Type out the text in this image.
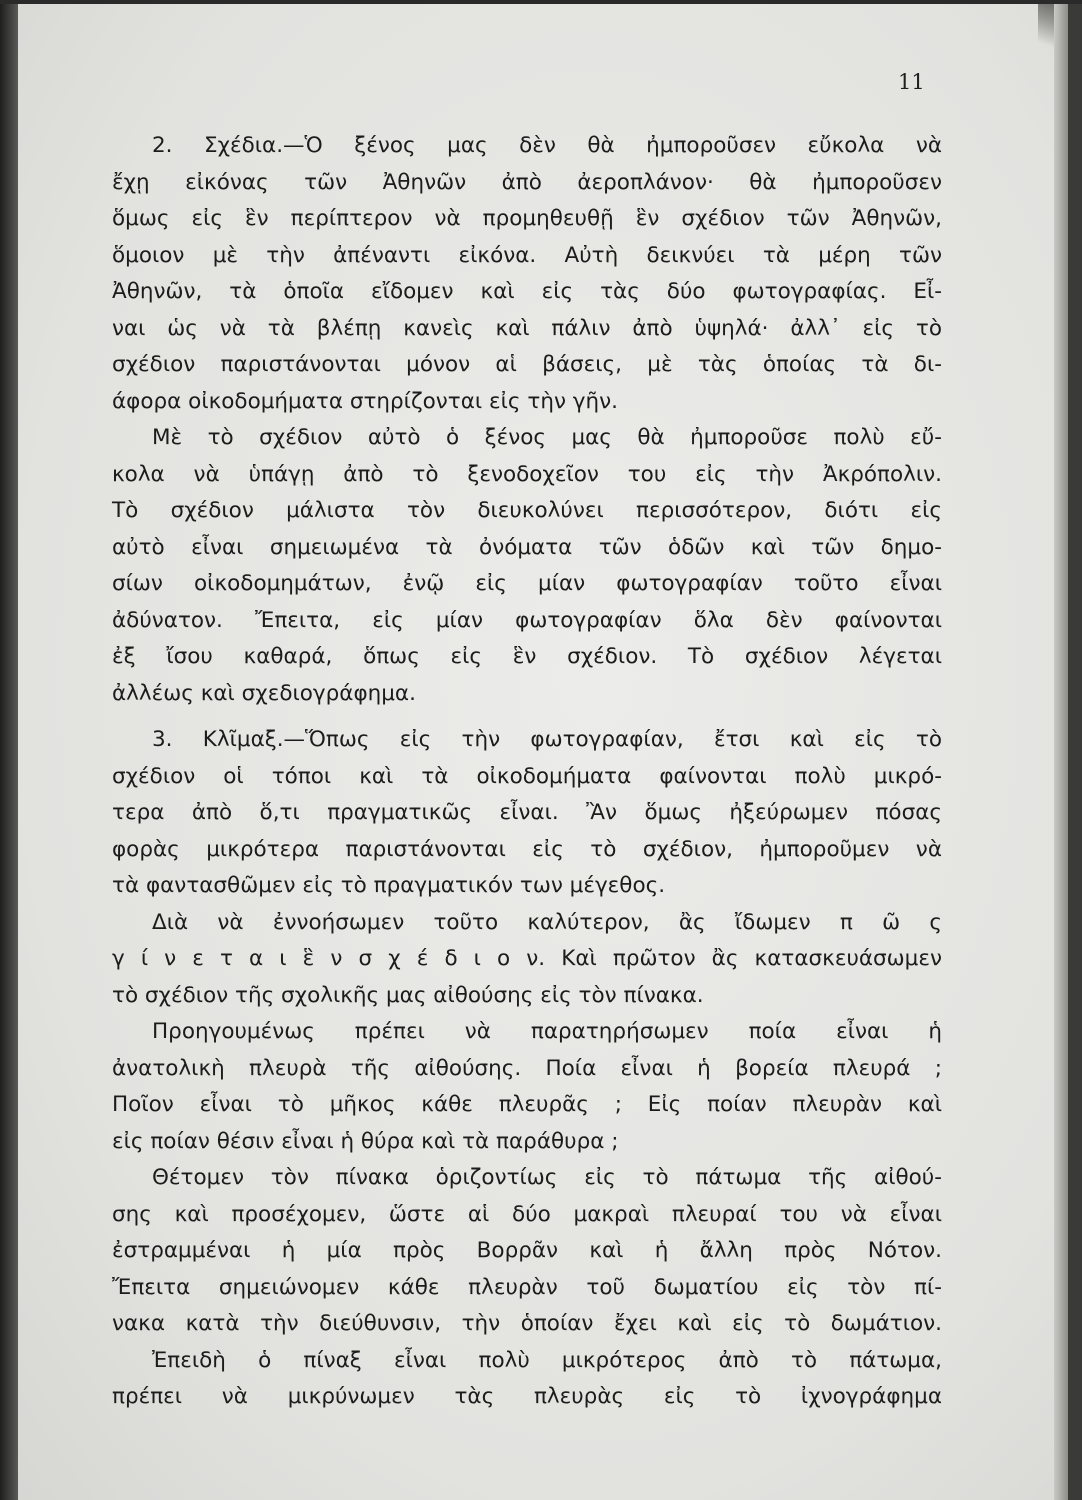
11
2. Σχέδια.—Ὁ ξένος μας δὲν θὰ ἠμποροῦσεν εὔκολα νὰ
ἔχῃ εἰκόνας τῶν Ἀθηνῶν ἀπὸ ἀεροπλάνον· θὰ ἠμποροῦσεν
ὅμως εἰς ἓν περίπτερον νὰ προμηθευθῇ ἓν σχέδιον τῶν Ἀθηνῶν,
ὅμοιον μὲ τὴν ἀπέναντι εἰκόνα. Αὐτὴ δεικνύει τὰ μέρη τῶν
Ἀθηνῶν, τὰ ὁποῖα εἴδομεν καὶ εἰς τὰς δύο φωτογραφίας. Εἶ-
ναι ὡς νὰ τὰ βλέπῃ κανεὶς καὶ πάλιν ἀπὸ ὑψηλά· ἀλλ᾽ εἰς τὸ
σχέδιον παριστάνονται μόνον αἱ βάσεις, μὲ τὰς ὁποίας τὰ δι-
άφορα οἰκοδομήματα στηρίζονται εἰς τὴν γῆν.
Μὲ τὸ σχέδιον αὐτὸ ὁ ξένος μας θὰ ἠμποροῦσε πολὺ εὔ-
κολα νὰ ὑπάγῃ ἀπὸ τὸ ξενοδοχεῖον του εἰς τὴν Ἀκρόπολιν.
Τὸ σχέδιον μάλιστα τὸν διευκολύνει περισσότερον, διότι εἰς
αὐτὸ εἶναι σημειωμένα τὰ ὀνόματα τῶν ὁδῶν καὶ τῶν δημο-
σίων οἰκοδομημάτων, ἐνῷ εἰς μίαν φωτογραφίαν τοῦτο εἶναι
ἀδύνατον. Ἔπειτα, εἰς μίαν φωτογραφίαν ὅλα δὲν φαίνονται
ἐξ ἴσου καθαρά, ὅπως εἰς ἓν σχέδιον. Τὸ σχέδιον λέγεται
ἀλλέως καὶ σχεδιογράφημα.
3. Κλῖμαξ.—Ὅπως εἰς τὴν φωτογραφίαν, ἔτσι καὶ εἰς τὸ
σχέδιον οἱ τόποι καὶ τὰ οἰκοδομήματα φαίνονται πολὺ μικρό-
τερα ἀπὸ ὅ,τι πραγματικῶς εἶναι. Ἂν ὅμως ἠξεύρωμεν πόσας
φορὰς μικρότερα παριστάνονται εἰς τὸ σχέδιον, ἠμποροῦμεν νὰ
τὰ φαντασθῶμεν εἰς τὸ πραγματικόν των μέγεθος.
Διὰ νὰ ἐννοήσωμεν τοῦτο καλύτερον, ἂς ἴδωμεν π ῶ ς
γ ί ν ε τ α ι ἓ ν σ χ έ δ ι ο ν. Καὶ πρῶτον ἂς κατασκευάσωμεν
τὸ σχέδιον τῆς σχολικῆς μας αἰθούσης εἰς τὸν πίνακα.
Προηγουμένως πρέπει νὰ παρατηρήσωμεν ποία εἶναι ἡ
ἀνατολικὴ πλευρὰ τῆς αἰθούσης. Ποία εἶναι ἡ βορεία πλευρά ;
Ποῖον εἶναι τὸ μῆκος κάθε πλευρᾶς ; Εἰς ποίαν πλευρὰν καὶ
εἰς ποίαν θέσιν εἶναι ἡ θύρα καὶ τὰ παράθυρα ;
Θέτομεν τὸν πίνακα ὁριζοντίως εἰς τὸ πάτωμα τῆς αἰθού-
σης καὶ προσέχομεν, ὥστε αἱ δύο μακραὶ πλευραί του νὰ εἶναι
ἐστραμμέναι ἡ μία πρὸς Βορρᾶν καὶ ἡ ἄλλη πρὸς Νότον.
Ἔπειτα σημειώνομεν κάθε πλευρὰν τοῦ δωματίου εἰς τὸν πί-
νακα κατὰ τὴν διεύθυνσιν, τὴν ὁποίαν ἔχει καὶ εἰς τὸ δωμάτιον.
Ἐπειδὴ ὁ πίναξ εἶναι πολὺ μικρότερος ἀπὸ τὸ πάτωμα,
πρέπει νὰ μικρύνωμεν τὰς πλευρὰς εἰς τὸ ἰχνογράφημα
